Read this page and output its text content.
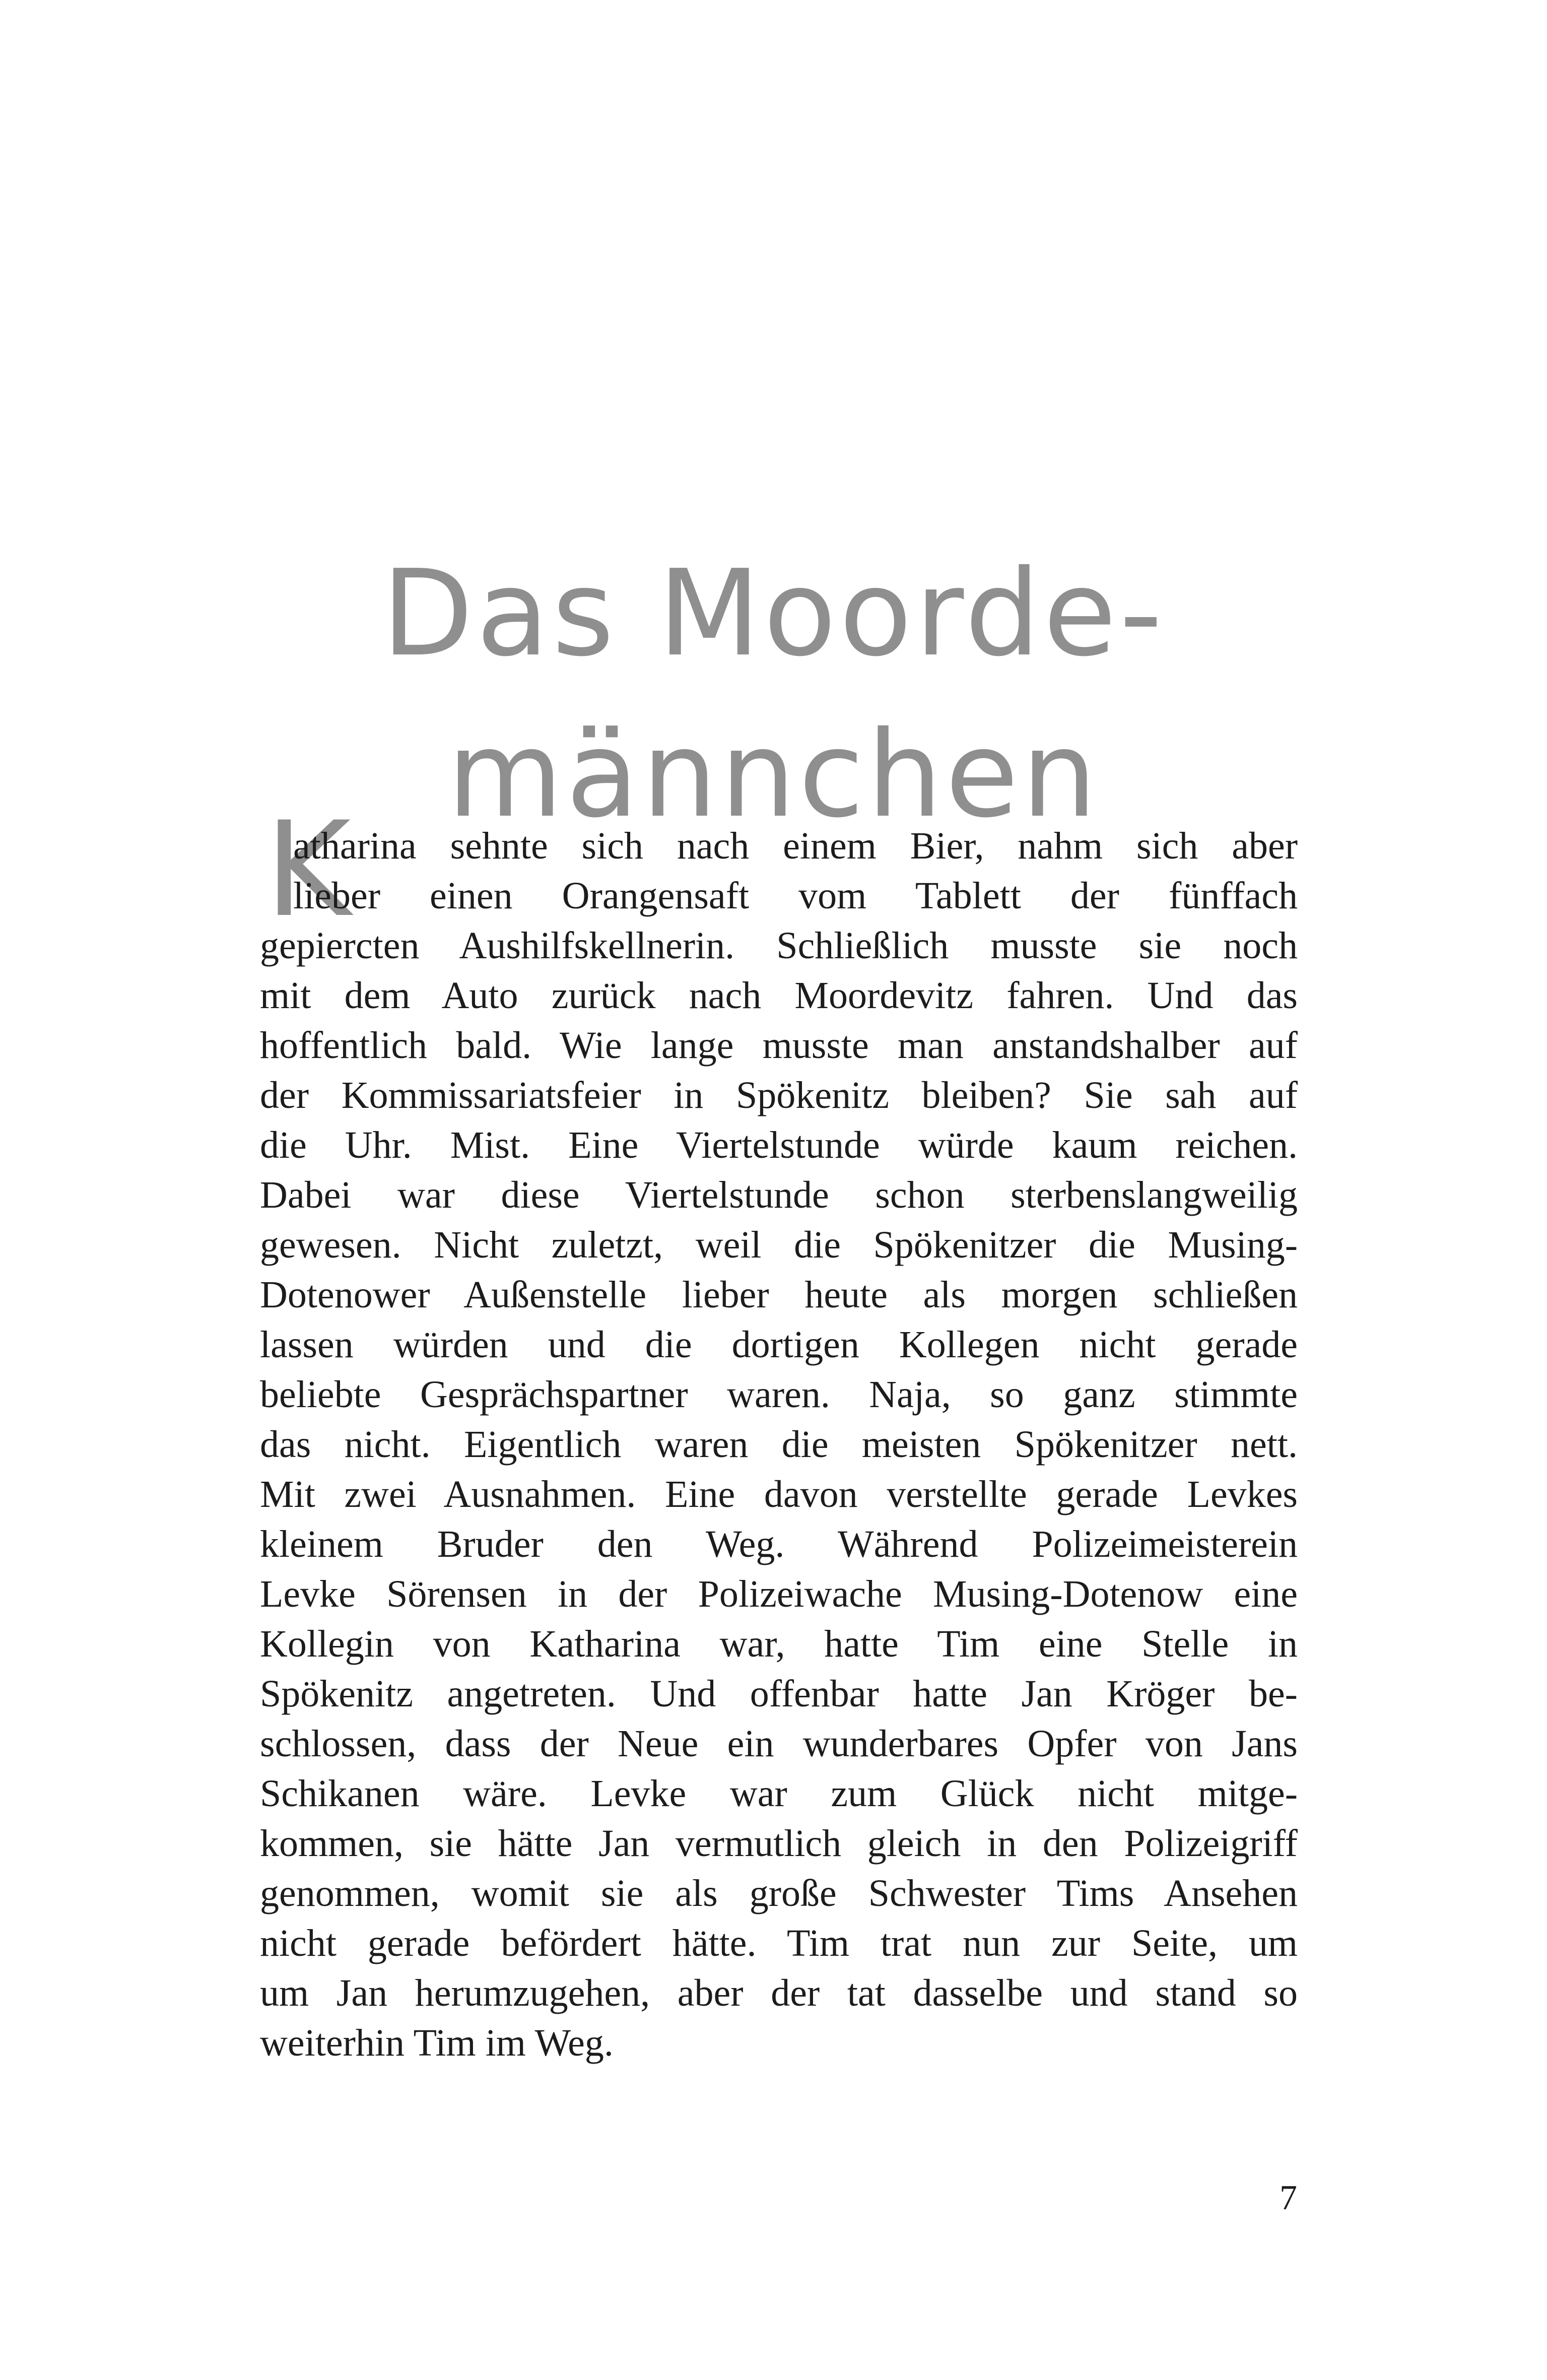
Das Moorde-
männchen
K
atharina sehnte sich nach einem Bier, nahm sich aber
lieber einen Orangensaft vom Tablett der fünffach
gepiercten Aushilfskellnerin. Schließlich musste sie noch
mit dem Auto zurück nach Moordevitz fahren. Und das
hoffentlich bald. Wie lange musste man anstandshalber auf
der Kommissariatsfeier in Spökenitz bleiben? Sie sah auf
die Uhr. Mist. Eine Viertelstunde würde kaum reichen.
Dabei war diese Viertelstunde schon sterbenslangweilig
gewesen. Nicht zuletzt, weil die Spökenitzer die Musing-
Dotenower Außenstelle lieber heute als morgen schließen
lassen würden und die dortigen Kollegen nicht gerade
beliebte Gesprächspartner waren. Naja, so ganz stimmte
das nicht. Eigentlich waren die meisten Spökenitzer nett.
Mit zwei Ausnahmen. Eine davon verstellte gerade Levkes
kleinem Bruder den Weg. Während Polizeimeisterein
Levke Sörensen in der Polizeiwache Musing-Dotenow eine
Kollegin von Katharina war, hatte Tim eine Stelle in
Spökenitz angetreten. Und offenbar hatte Jan Kröger be-
schlossen, dass der Neue ein wunderbares Opfer von Jans
Schikanen wäre. Levke war zum Glück nicht mitge-
kommen, sie hätte Jan vermutlich gleich in den Polizeigriff
genommen, womit sie als große Schwester Tims Ansehen
nicht gerade befördert hätte. Tim trat nun zur Seite, um
um Jan herumzugehen, aber der tat dasselbe und stand so
weiterhin Tim im Weg.
7
